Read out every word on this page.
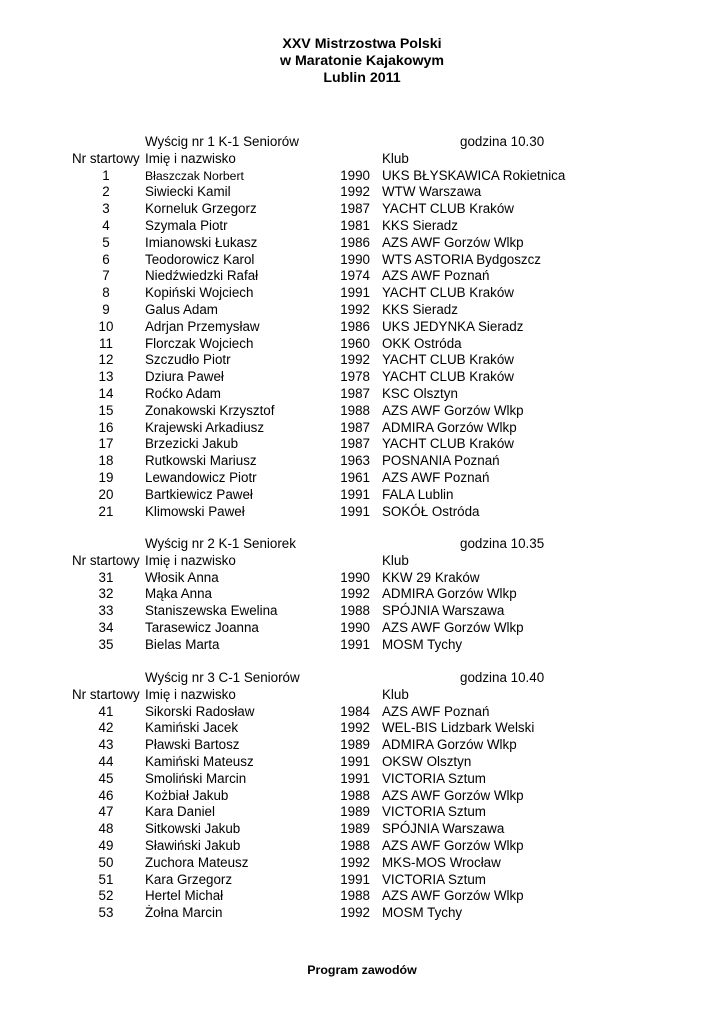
XXV Mistrzostwa Polski
w Maratonie Kajakowym
Lublin 2011
Wyścig nr 1 K-1 Seniorów	godzina 10.30
Nr startowy Imię i nazwisko	Klub
1	Błaszczak Norbert	1990 UKS BŁYSKAWICA Rokietnica
2	Siwiecki Kamil	1992 WTW Warszawa
3	Korneluk Grzegorz	1987 YACHT CLUB Kraków
4	Szymala Piotr	1981 KKS Sieradz
5	Imianowski Łukasz	1986 AZS AWF Gorzów Wlkp
6	Teodorowicz Karol	1990 WTS ASTORIA Bydgoszcz
7	Niedźwiedzki Rafał	1974 AZS AWF Poznań
8	Kopiński Wojciech	1991 YACHT CLUB Kraków
9	Galus Adam	1992 KKS Sieradz
10	Adrjan Przemysław	1986 UKS JEDYNKA Sieradz
11	Florczak Wojciech	1960 OKK Ostróda
12	Szczudło Piotr	1992 YACHT CLUB Kraków
13	Dziura Paweł	1978 YACHT CLUB Kraków
14	Roćko Adam	1987 KSC Olsztyn
15	Zonakowski Krzysztof	1988 AZS AWF Gorzów Wlkp
16	Krajewski Arkadiusz	1987 ADMIRA Gorzów Wlkp
17	Brzezicki Jakub	1987 YACHT CLUB Kraków
18	Rutkowski Mariusz	1963 POSNANIA Poznań
19	Lewandowicz Piotr	1961 AZS AWF Poznań
20	Bartkiewicz Paweł	1991 FALA Lublin
21	Klimowski Paweł	1991 SOKÓŁ Ostróda
Wyścig nr 2 K-1 Seniorek	godzina 10.35
Nr startowy Imię i nazwisko	Klub
31	Włosik Anna	1990 KKW 29 Kraków
32	Mąka Anna	1992 ADMIRA Gorzów Wlkp
33	Staniszewska Ewelina	1988 SPÓJNIA Warszawa
34	Tarasewicz Joanna	1990 AZS AWF Gorzów Wlkp
35	Bielas Marta	1991 MOSM Tychy
Wyścig nr 3 C-1 Seniorów	godzina 10.40
Nr startowy Imię i nazwisko	Klub
41	Sikorski Radosław	1984 AZS AWF Poznań
42	Kamiński Jacek	1992 WEL-BIS Lidzbark Welski
43	Pławski Bartosz	1989 ADMIRA Gorzów Wlkp
44	Kamiński Mateusz	1991 OKSW Olsztyn
45	Smoliński Marcin	1991 VICTORIA Sztum
46	Kożbiał Jakub	1988 AZS AWF Gorzów Wlkp
47	Kara Daniel	1989 VICTORIA Sztum
48	Sitkowski Jakub	1989 SPÓJNIA Warszawa
49	Sławiński Jakub	1988 AZS AWF Gorzów Wlkp
50	Zuchora Mateusz	1992 MKS-MOS Wrocław
51	Kara Grzegorz	1991 VICTORIA Sztum
52	Hertel Michał	1988 AZS AWF Gorzów Wlkp
53	Żołna Marcin	1992 MOSM Tychy
Program zawodów
